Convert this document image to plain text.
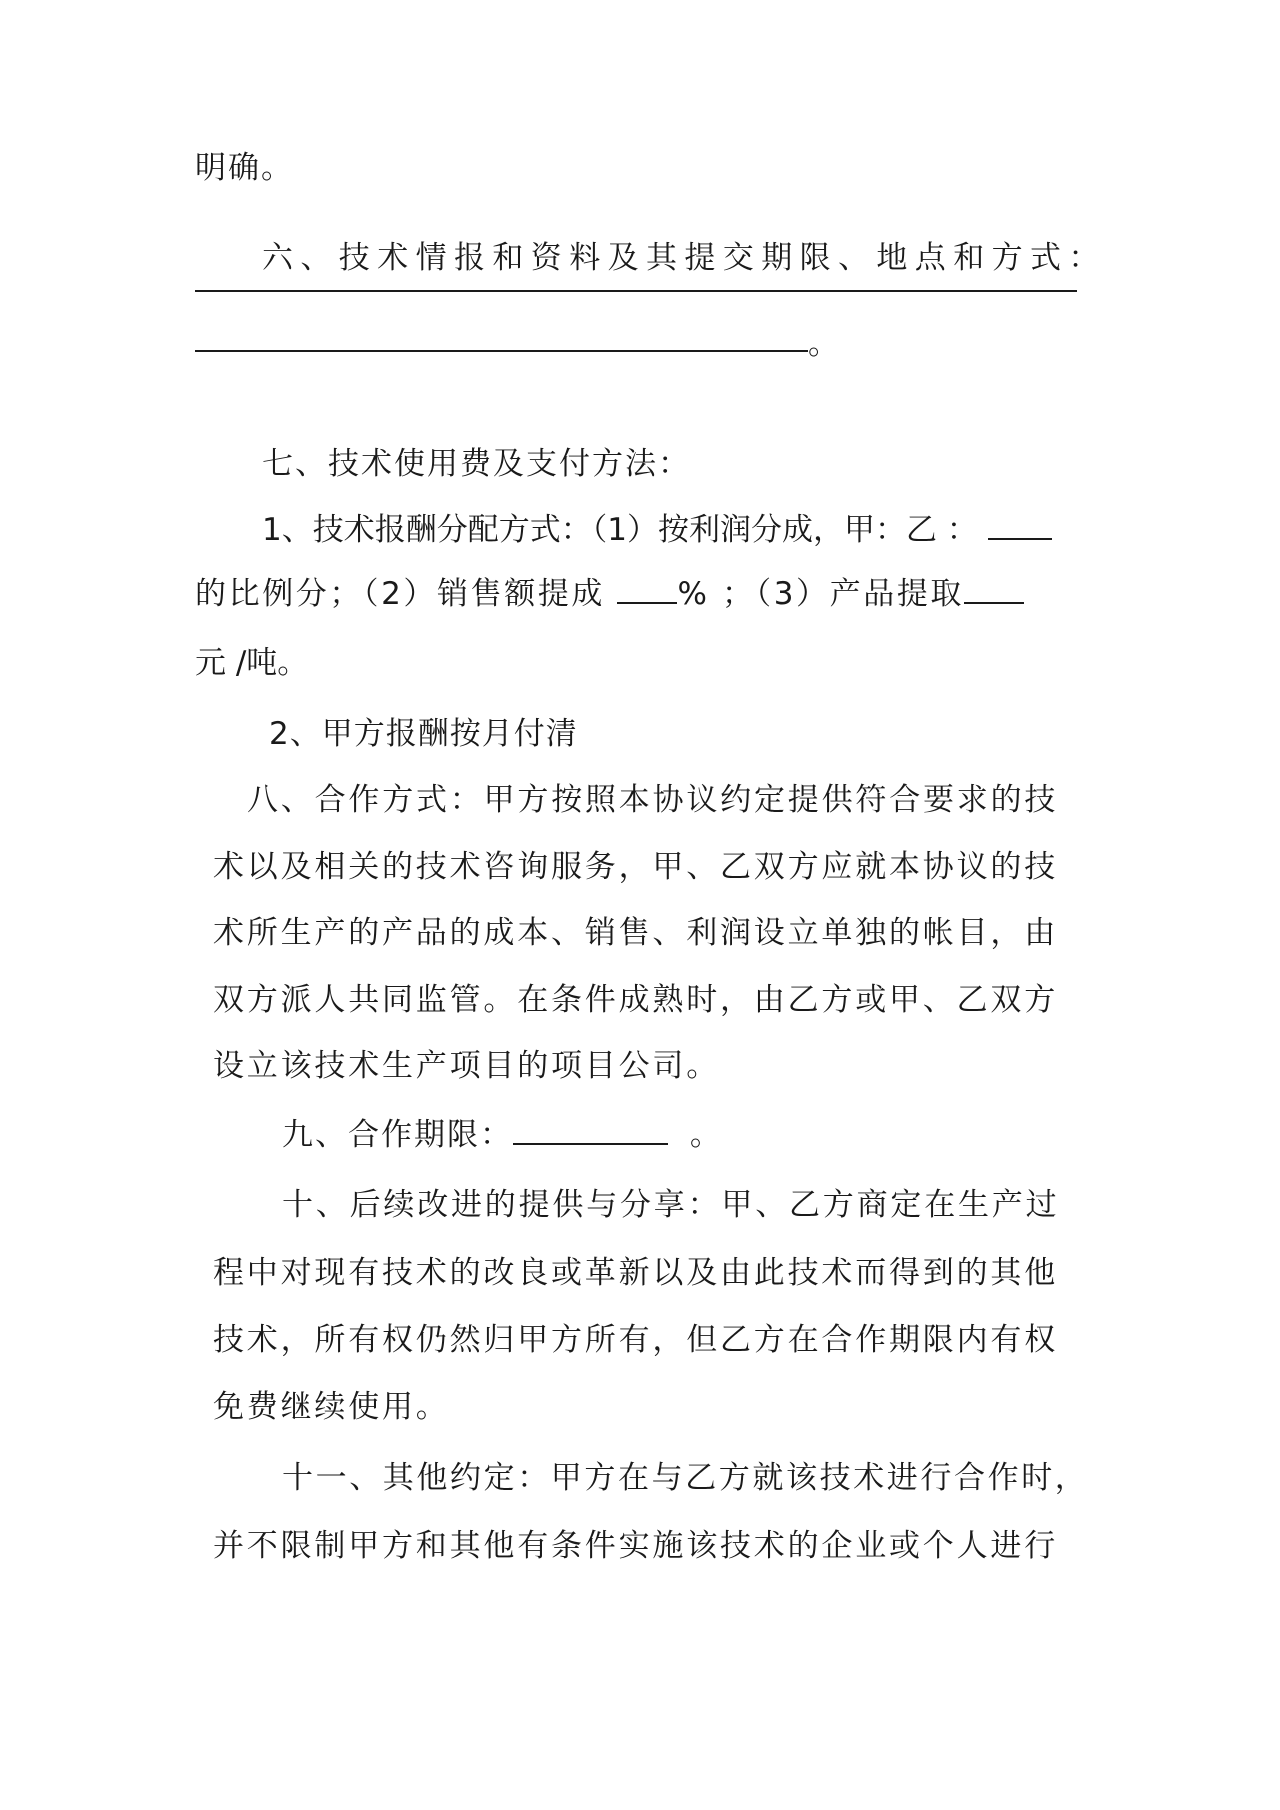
明确。
六、技术情报和资料及其提交期限、地点和方式：
。
七、技术使用费及支付方法：
1、技术报酬分配方式：（1）按利润分成，甲：乙 ：
的比例分；（2）销售额提成 % ；（3）产品提取
元 /吨。
2、甲方报酬按月付清
八、合作方式：甲方按照本协议约定提供符合要求的技
术以及相关的技术咨询服务，甲、乙双方应就本协议的技
术所生产的产品的成本、销售、利润设立单独的帐目，由
双方派人共同监管。在条件成熟时，由乙方或甲、乙双方
设立该技术生产项目的项目公司。
九、合作期限：	。
十、后续改进的提供与分享：甲、乙方商定在生产过
程中对现有技术的改良或革新以及由此技术而得到的其他
技术，所有权仍然归甲方所有，但乙方在合作期限内有权
免费继续使用。
十一、其他约定：甲方在与乙方就该技术进行合作时，
并不限制甲方和其他有条件实施该技术的企业或个人进行
